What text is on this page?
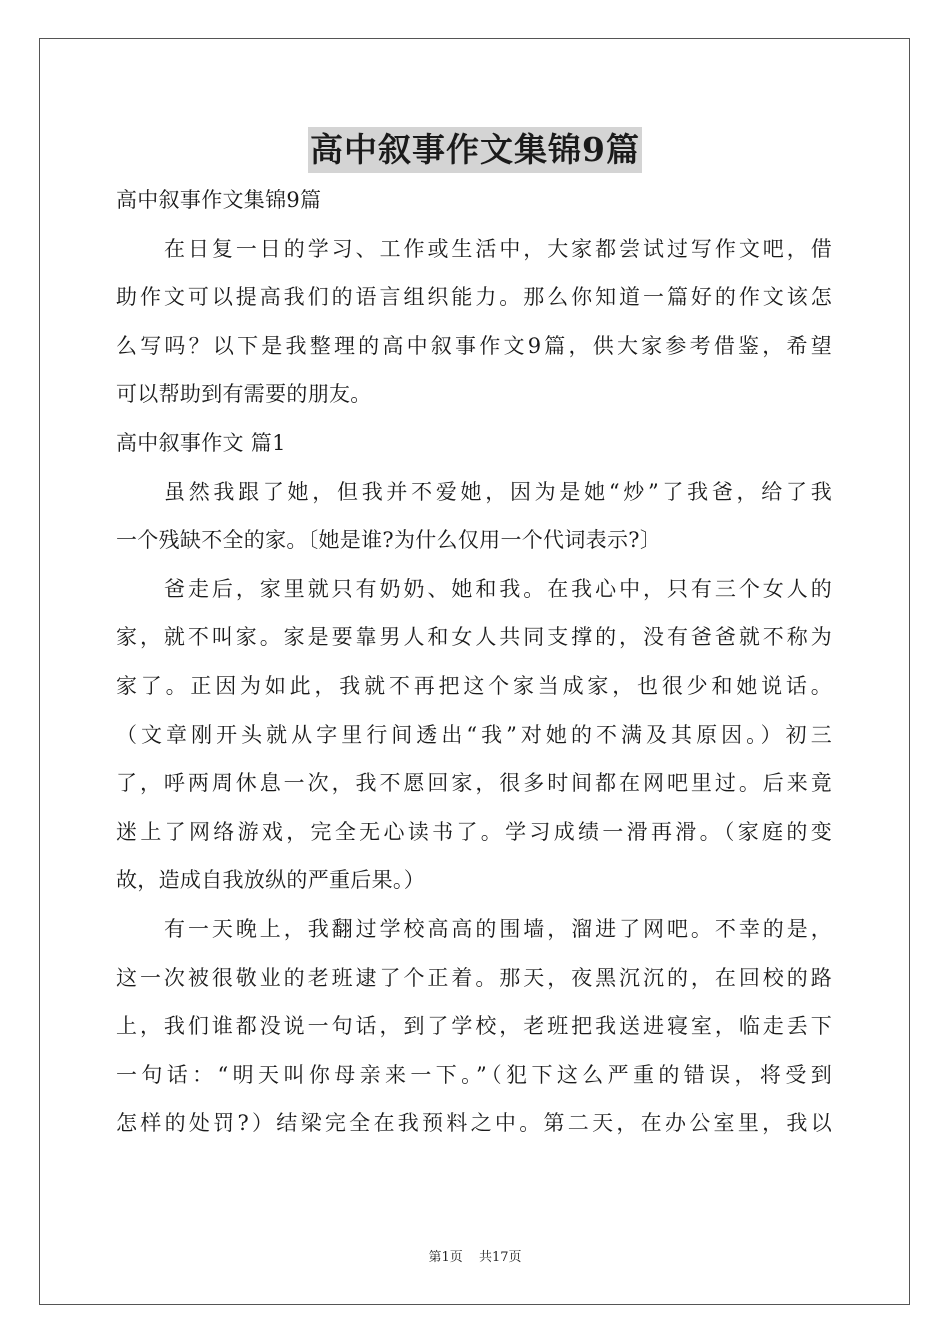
高中叙事作文集锦9篇
高中叙事作文集锦9篇
在日复一日的学习、工作或生活中，大家都尝试过写作文吧，借
助作文可以提高我们的语言组织能力。那么你知道一篇好的作文该怎
么写吗？以下是我整理的高中叙事作文9篇，供大家参考借鉴，希望
可以帮助到有需要的朋友。
高中叙事作文 篇1
虽然我跟了她，但我并不爱她，因为是她“炒”了我爸，给了我
一个残缺不全的家。〔她是谁?为什么仅用一个代词表示?〕
爸走后，家里就只有奶奶、她和我。在我心中，只有三个女人的
家，就不叫家。家是要靠男人和女人共同支撑的，没有爸爸就不称为
家了。正因为如此，我就不再把这个家当成家，也很少和她说话。
（文章刚开头就从字里行间透出“我”对她的不满及其原因。）初三
了，呼两周休息一次，我不愿回家，很多时间都在网吧里过。后来竟
迷上了网络游戏，完全无心读书了。学习成绩一滑再滑。（家庭的变
故，造成自我放纵的严重后果。）
有一天晚上，我翻过学校高高的围墙，溜进了网吧。不幸的是，
这一次被很敬业的老班逮了个正着。那天，夜黑沉沉的，在回校的路
上，我们谁都没说一句话，到了学校，老班把我送进寝室，临走丢下
一句话：“明天叫你母亲来一下。”（犯下这么严重的错误，将受到
怎样的处罚?）结梁完全在我预料之中。第二天，在办公室里，我以
第1页 共17页
